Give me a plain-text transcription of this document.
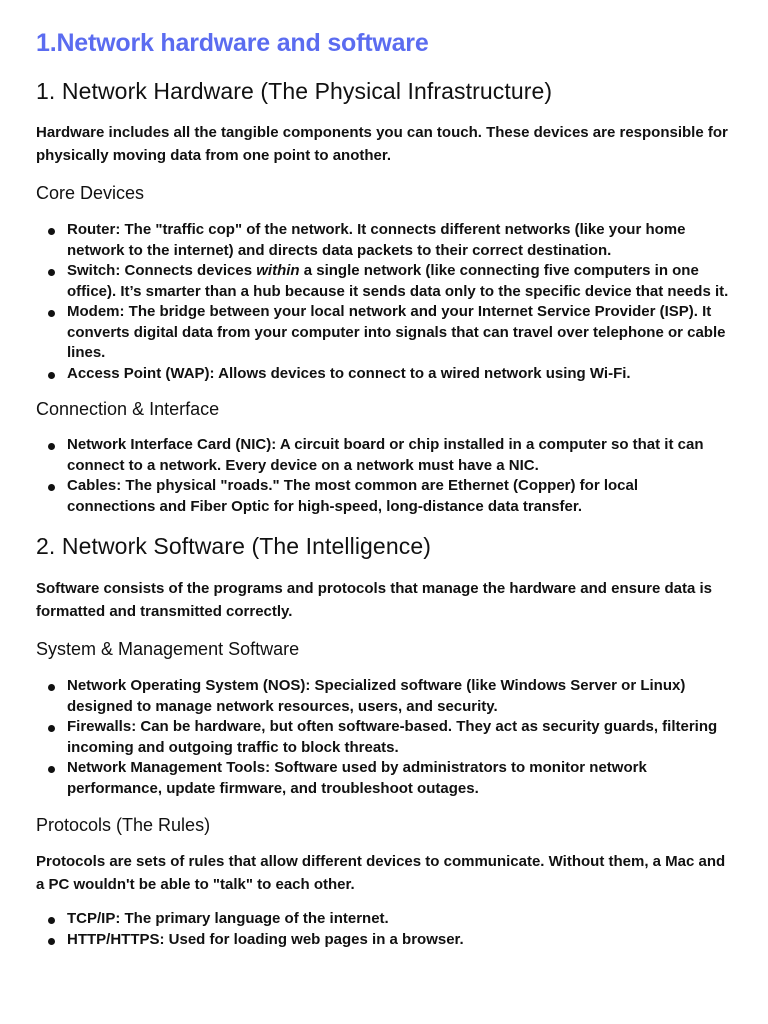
1.Network hardware and software
1. Network Hardware (The Physical Infrastructure)

Hardware includes all the tangible components you can touch. These devices are responsible for physically moving data from one point to another.

Core Devices
Router: The "traffic cop" of the network. It connects different networks (like your home network to the internet) and directs data packets to their correct destination.
Switch: Connects devices within a single network (like connecting five computers in one office). It’s smarter than a hub because it sends data only to the specific device that needs it.
Modem: The bridge between your local network and your Internet Service Provider (ISP). It converts digital data from your computer into signals that can travel over telephone or cable lines.
Access Point (WAP): Allows devices to connect to a wired network using Wi-Fi.
Connection & Interface
Network Interface Card (NIC): A circuit board or chip installed in a computer so that it can connect to a network. Every device on a network must have a NIC.
Cables: The physical "roads." The most common are Ethernet (Copper) for local connections and Fiber Optic for high-speed, long-distance data transfer.
2. Network Software (The Intelligence)

Software consists of the programs and protocols that manage the hardware and ensure data is formatted and transmitted correctly.

System & Management Software
Network Operating System (NOS): Specialized software (like Windows Server or Linux) designed to manage network resources, users, and security.
Firewalls: Can be hardware, but often software-based. They act as security guards, filtering incoming and outgoing traffic to block threats.
Network Management Tools: Software used by administrators to monitor network performance, update firmware, and troubleshoot outages.
Protocols (The Rules)

Protocols are sets of rules that allow different devices to communicate. Without them, a Mac and a PC wouldn't be able to "talk" to each other.

TCP/IP: The primary language of the internet.
HTTP/HTTPS: Used for loading web pages in a browser.
